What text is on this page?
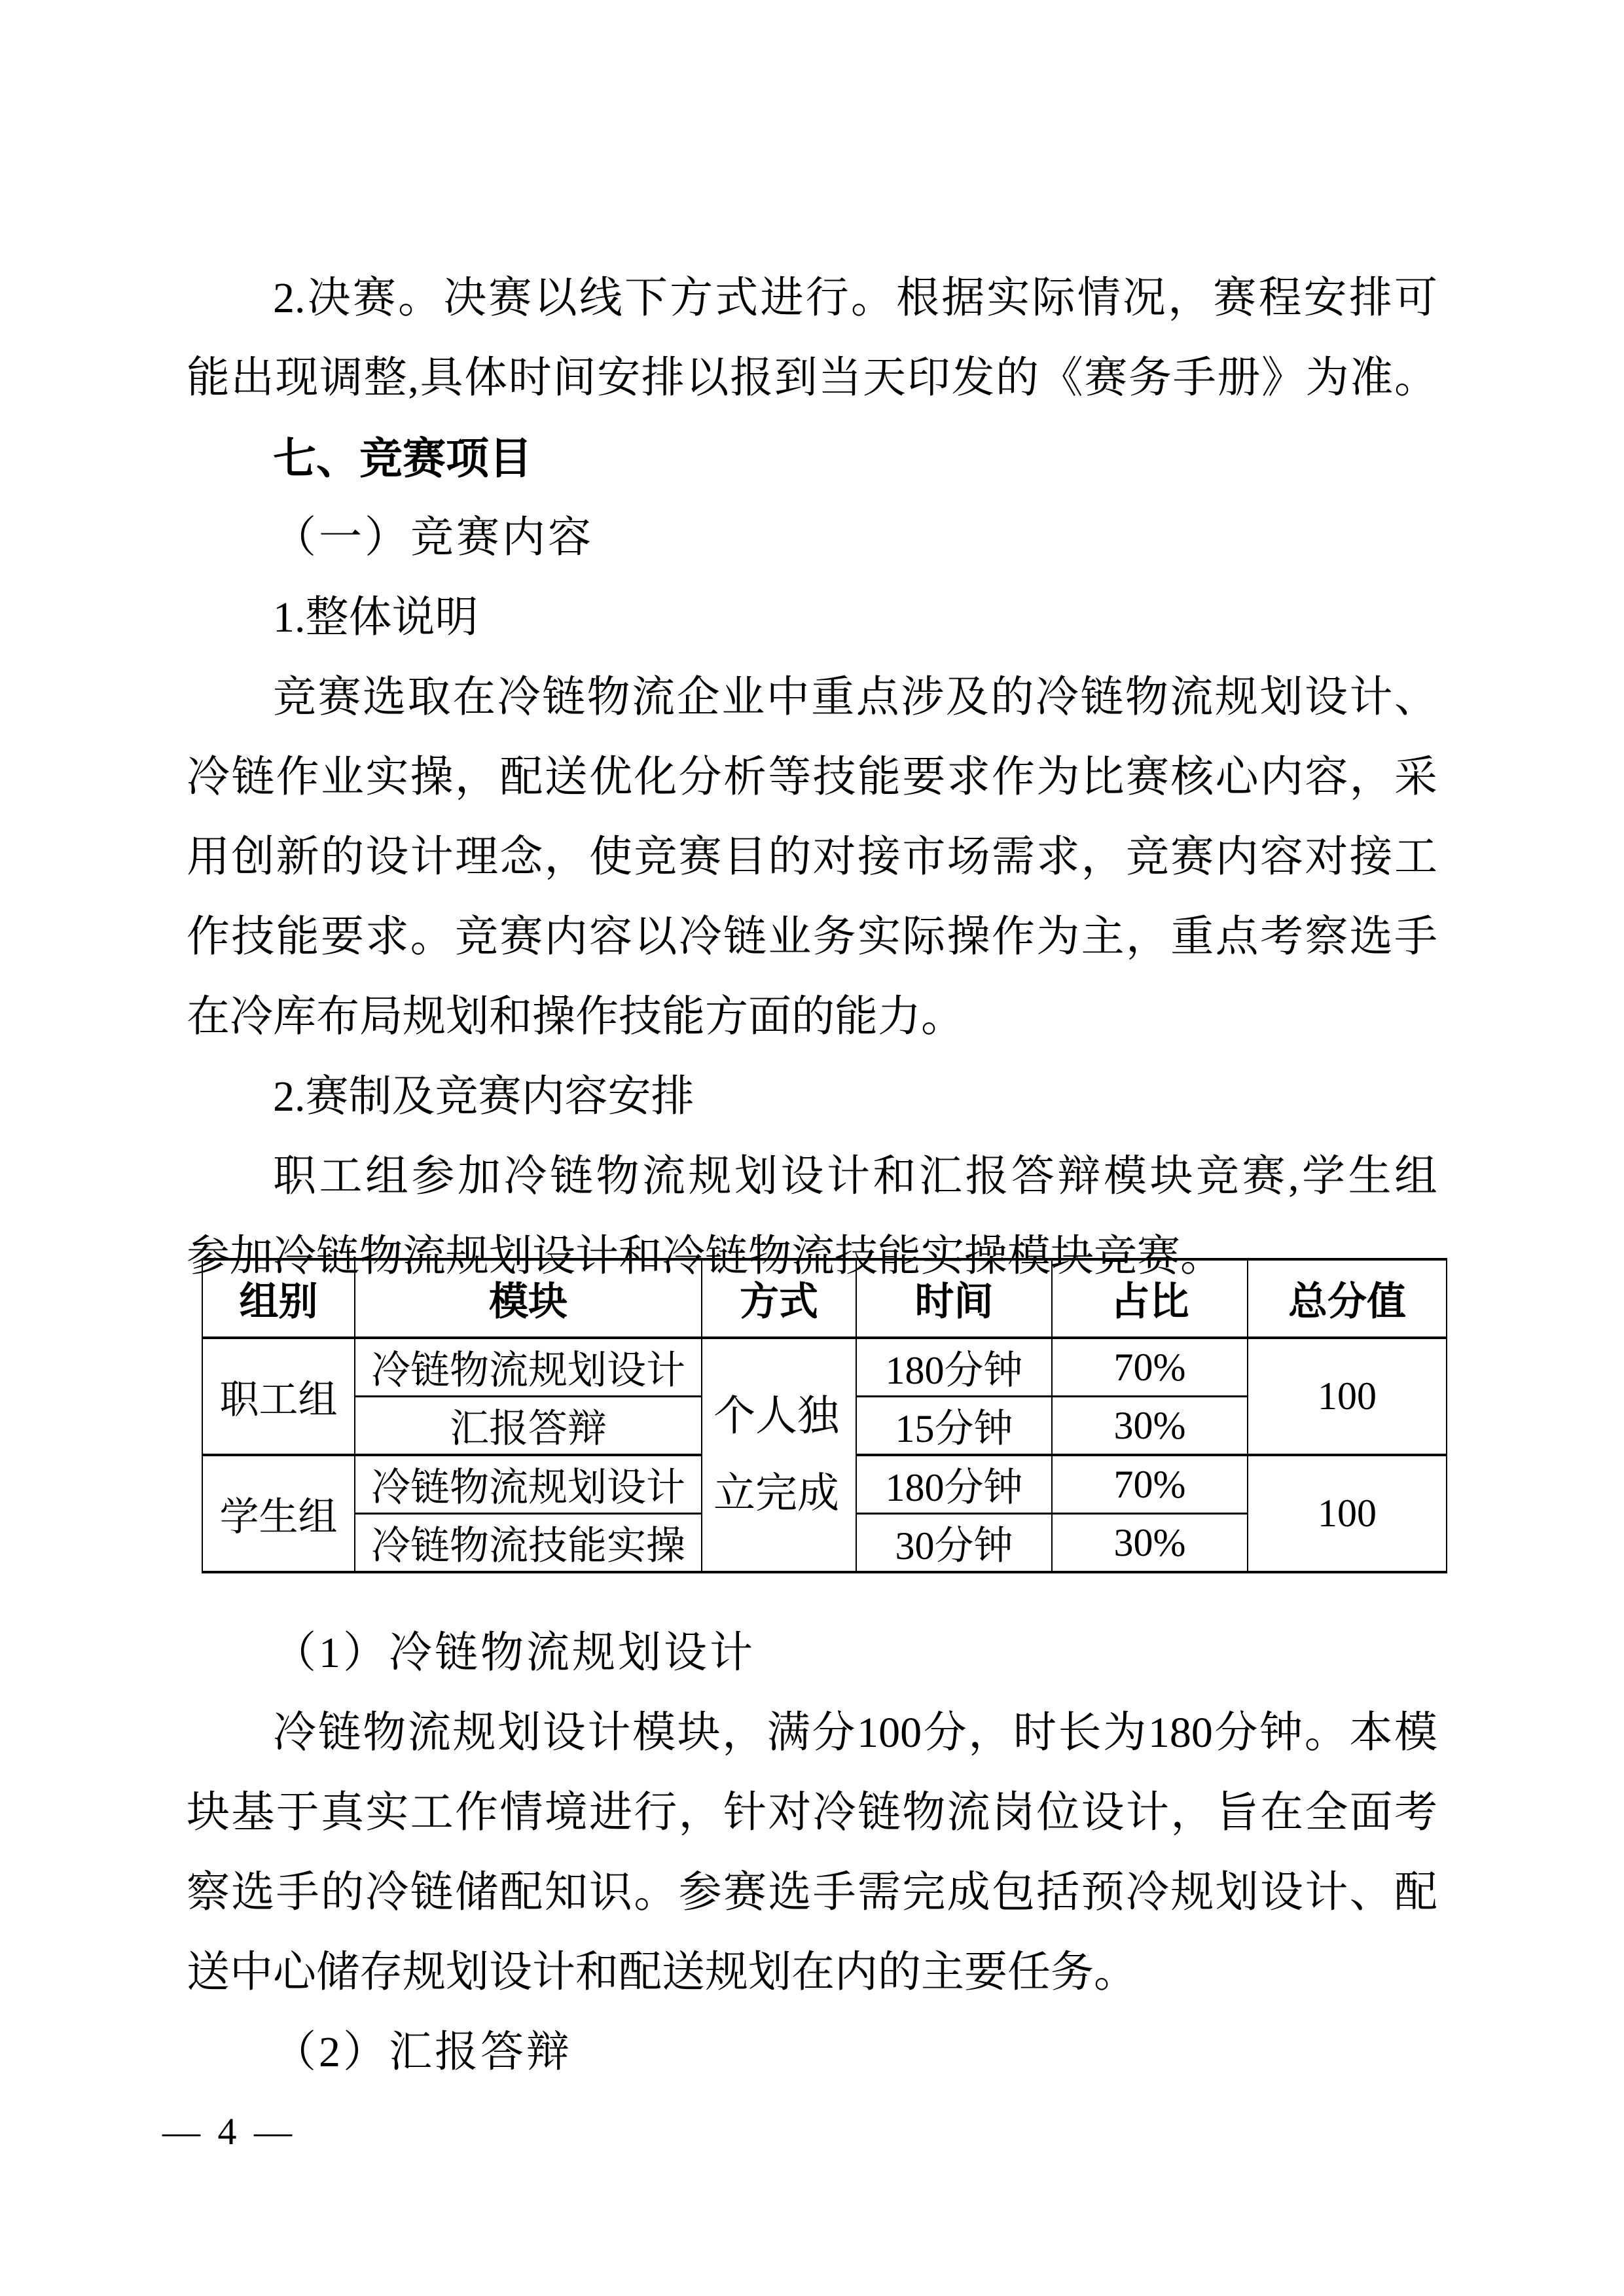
2.决赛。决赛以线下方式进行。根据实际情况，赛程安排可
能出现调整,具体时间安排以报到当天印发的《赛务手册》为准。
七、竞赛项目
（一）竞赛内容
1.整体说明
竞赛选取在冷链物流企业中重点涉及的冷链物流规划设计、
冷链作业实操，配送优化分析等技能要求作为比赛核心内容，采
用创新的设计理念，使竞赛目的对接市场需求，竞赛内容对接工
作技能要求。竞赛内容以冷链业务实际操作为主，重点考察选手
在冷库布局规划和操作技能方面的能力。
2.赛制及竞赛内容安排
职工组参加冷链物流规划设计和汇报答辩模块竞赛,学生组
参加冷链物流规划设计和冷链物流技能实操模块竞赛。
组别	模块	方式	时间	占比	总分值
职工组	冷链物流规划设计	个人独立完成	180分钟	70%	100
	汇报答辩		15分钟	30%	
学生组	冷链物流规划设计		180分钟	70%	100
	冷链物流技能实操		30分钟	30%	
（1）冷链物流规划设计
冷链物流规划设计模块，满分100分，时长为180分钟。本模
块基于真实工作情境进行，针对冷链物流岗位设计，旨在全面考
察选手的冷链储配知识。参赛选手需完成包括预冷规划设计、配
送中心储存规划设计和配送规划在内的主要任务。
（2）汇报答辩
— 4 —
